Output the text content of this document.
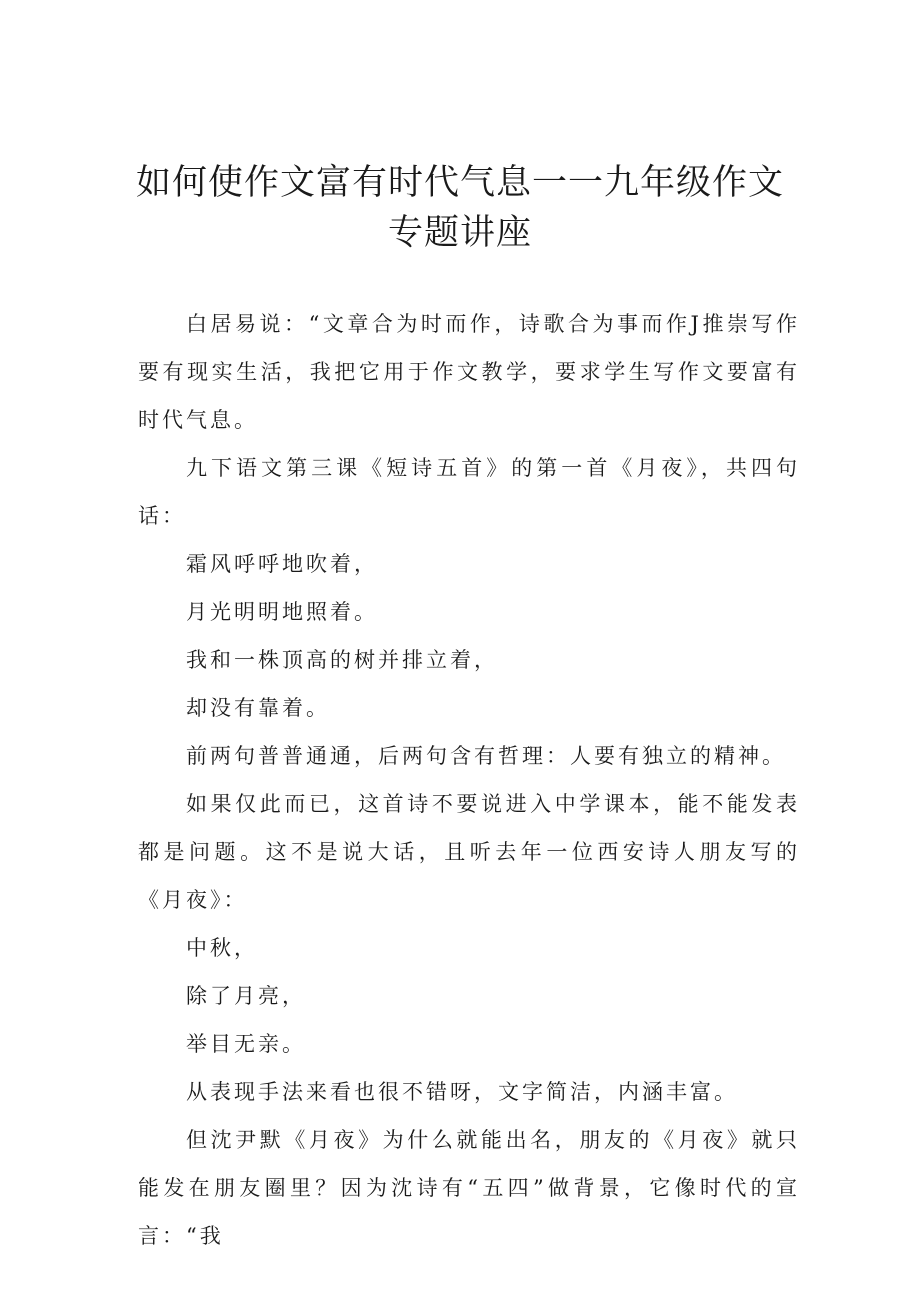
如何使作文富有时代气息一一九年级作文
专题讲座

白居易说：“文章合为时而作，诗歌合为事而作J推崇写作要有现实生活，我把它用于作文教学，要求学生写作文要富有时代气息。

九下语文第三课《短诗五首》的第一首《月夜》，共四句话：

霜风呼呼地吹着，

月光明明地照着。

我和一株顶高的树并排立着，

却没有靠着。

前两句普普通通，后两句含有哲理：人要有独立的精神。

如果仅此而已，这首诗不要说进入中学课本，能不能发表都是问题。这不是说大话，且听去年一位西安诗人朋友写的《月夜》：

中秋，

除了月亮，

举目无亲。

从表现手法来看也很不错呀，文字简洁，内涵丰富。

但沈尹默《月夜》为什么就能出名，朋友的《月夜》就只能发在朋友圈里？因为沈诗有“五四”做背景，它像时代的宣言：“我
